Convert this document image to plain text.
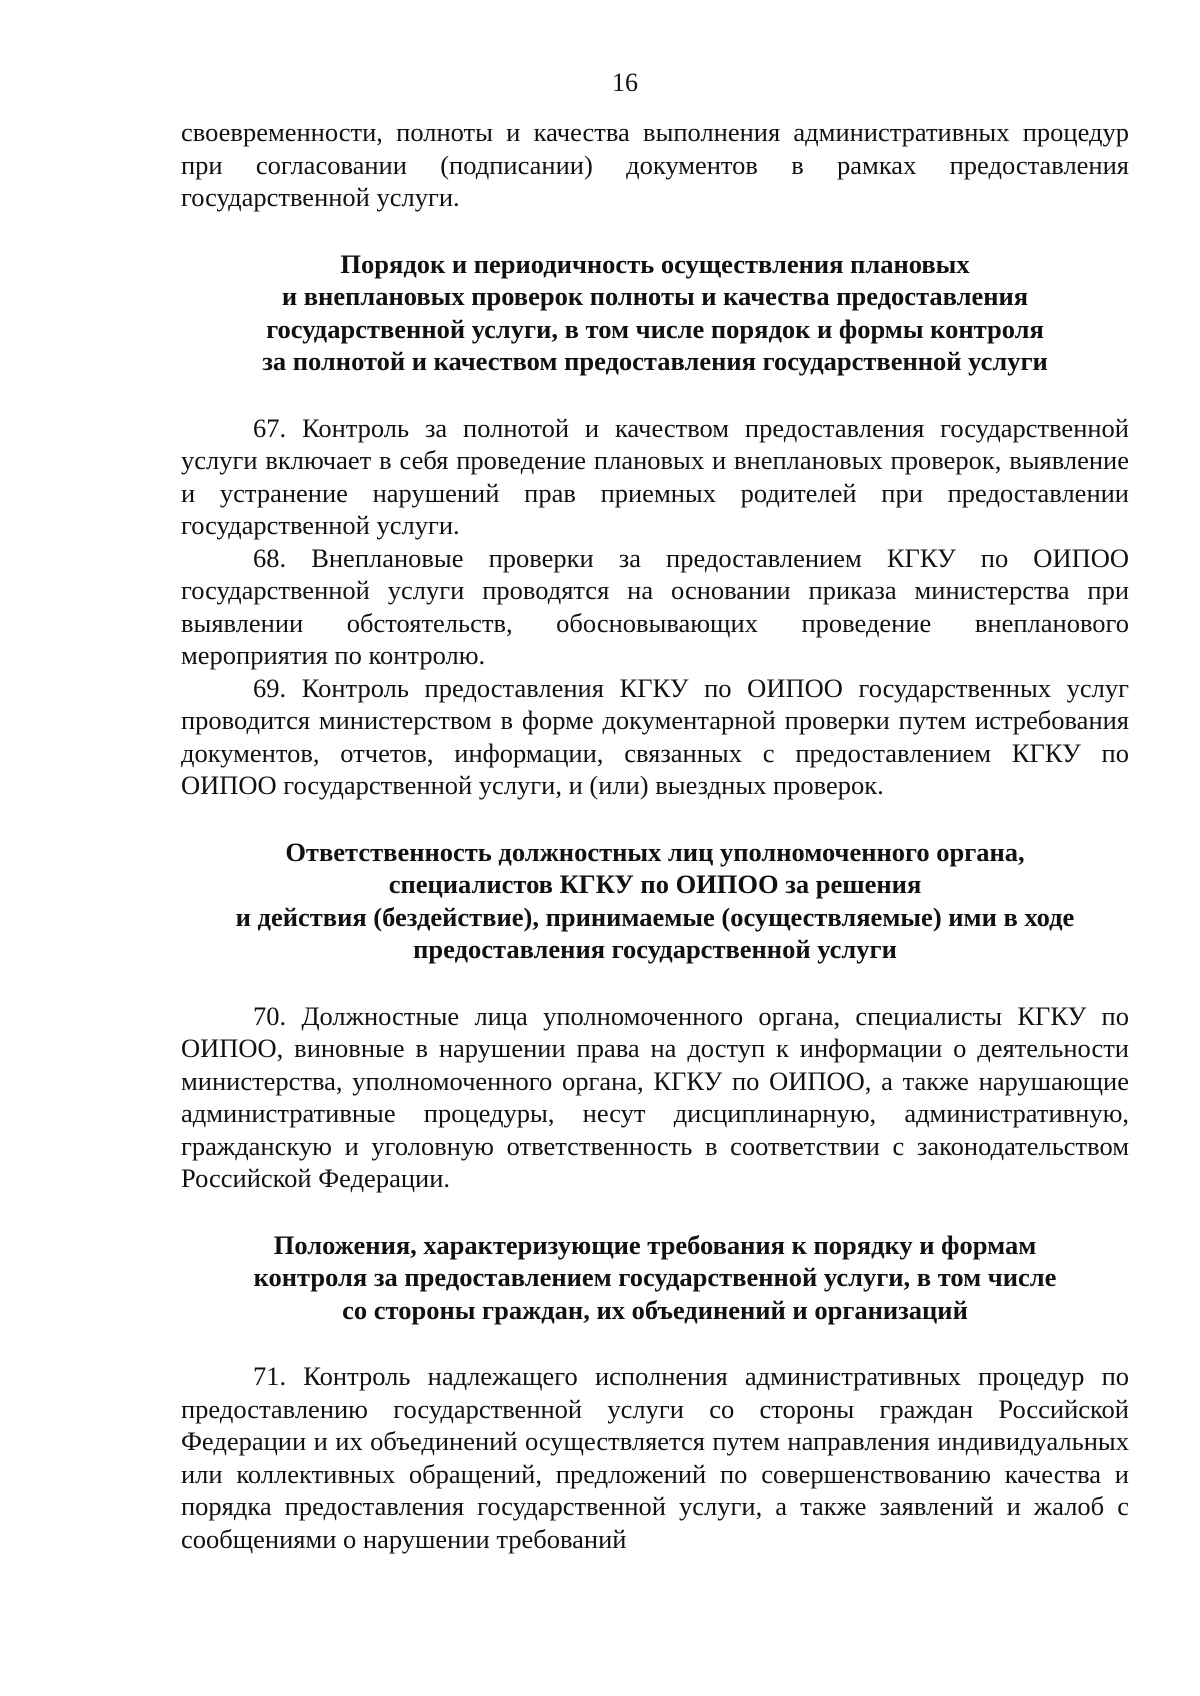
16

своевременности, полноты и качества выполнения административных процедур при согласовании (подписании) документов в рамках предоставления государственной услуги.

Порядок и периодичность осуществления плановых
и внеплановых проверок полноты и качества предоставления
государственной услуги, в том числе порядок и формы контроля
за полнотой и качеством предоставления государственной услуги

67. Контроль за полнотой и качеством предоставления государственной услуги включает в себя проведение плановых и внеплановых проверок, выявление и устранение нарушений прав приемных родителей при предоставлении государственной услуги.

68. Внеплановые проверки за предоставлением КГКУ по ОИПОО государственной услуги проводятся на основании приказа министерства при выявлении обстоятельств, обосновывающих проведение внепланового мероприятия по контролю.

69. Контроль предоставления КГКУ по ОИПОО государственных услуг проводится министерством в форме документарной проверки путем истребования документов, отчетов, информации, связанных с предоставлением КГКУ по ОИПОО государственной услуги, и (или) выездных проверок.

Ответственность должностных лиц уполномоченного органа,
специалистов КГКУ по ОИПОО за решения
и действия (бездействие), принимаемые (осуществляемые) ими в ходе
предоставления государственной услуги

70. Должностные лица уполномоченного органа, специалисты КГКУ по ОИПОО, виновные в нарушении права на доступ к информации о деятельности министерства, уполномоченного органа, КГКУ по ОИПОО, а также нарушающие административные процедуры, несут дисциплинарную, административную, гражданскую и уголовную ответственность в соответствии с законодательством Российской Федерации.

Положения, характеризующие требования к порядку и формам
контроля за предоставлением государственной услуги, в том числе
со стороны граждан, их объединений и организаций

71. Контроль надлежащего исполнения административных процедур по предоставлению государственной услуги со стороны граждан Российской Федерации и их объединений осуществляется путем направления индивидуальных или коллективных обращений, предложений по совершенствованию качества и порядка предоставления государственной услуги, а также заявлений и жалоб с сообщениями о нарушении требований
